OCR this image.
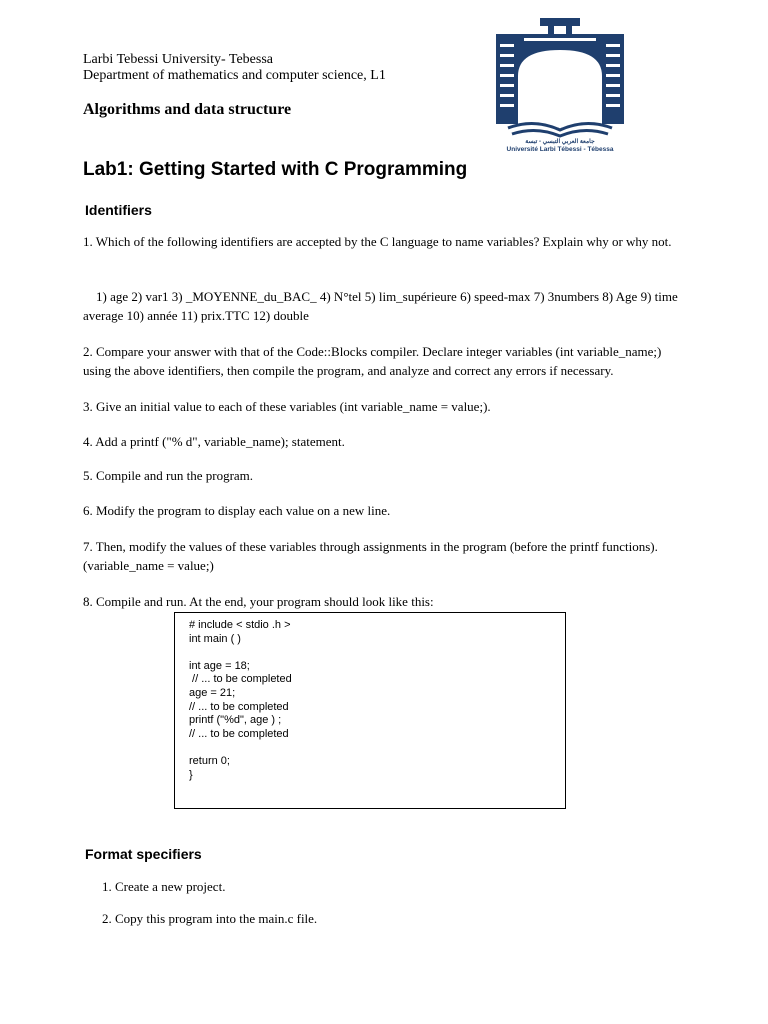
Larbi Tebessi University- Tebessa
Department of mathematics and computer science, L1
Algorithms and data structure
جامعة العربي التبسي - تبسة
Université Larbi Tébessi - Tébessa
Lab1: Getting Started with C Programming
Identifiers
1. Which of the following identifiers are accepted by the C language to name variables? Explain why or why not.
1) age 2) var1 3) _MOYENNE_du_BAC_ 4) N°tel 5) lim_supérieure 6) speed-max 7) 3numbers 8) Age 9) time average 10) année 11) prix.TTC 12) double
2. Compare your answer with that of the Code::Blocks compiler. Declare integer variables (int variable_name;) using the above identifiers, then compile the program, and analyze and correct any errors if necessary.
3. Give an initial value to each of these variables (int variable_name = value;).
4. Add a printf ("% d", variable_name); statement.
5. Compile and run the program.
6. Modify the program to display each value on a new line.
7. Then, modify the values of these variables through assignments in the program (before the printf functions). (variable_name = value;)
8. Compile and run. At the end, your program should look like this:
# include < stdio .h >
int main ( )

int age = 18;
// ... to be completed
age = 21;
// ... to be completed
printf ("%d", age ) ;
// ... to be completed

return 0;
}
Format specifiers
1. Create a new project.
2. Copy this program into the main.c file.
